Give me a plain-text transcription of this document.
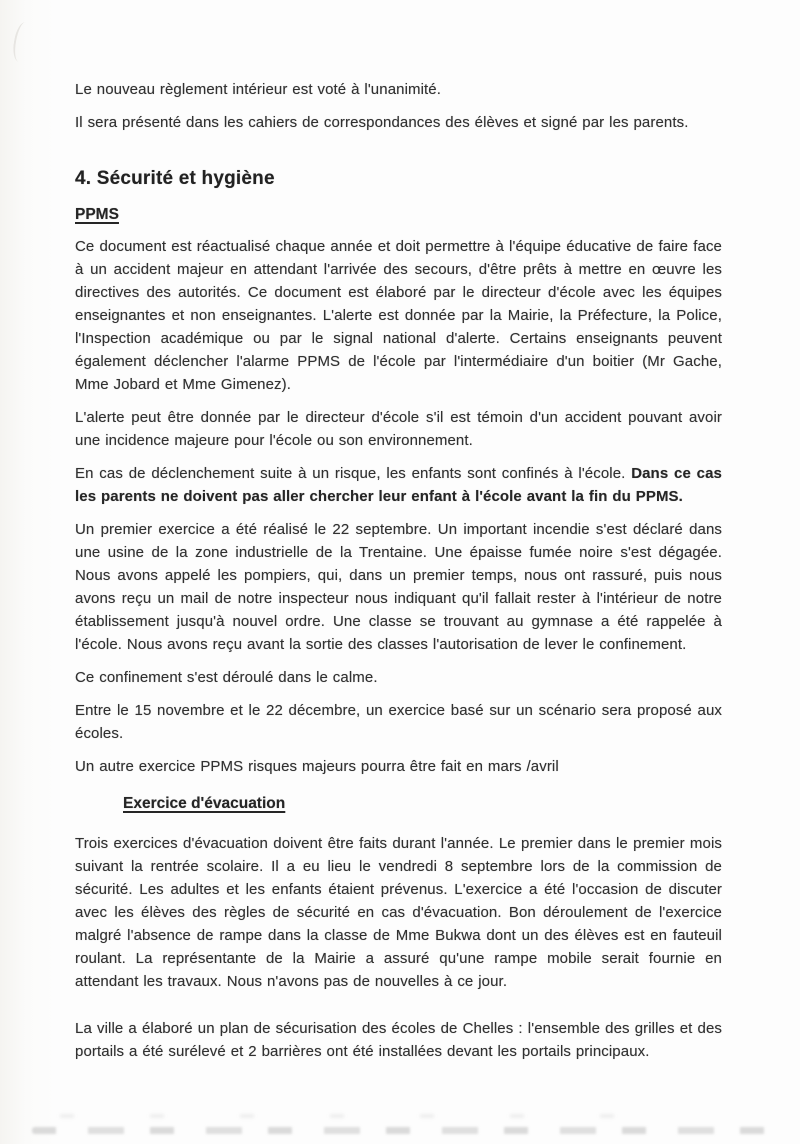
Le nouveau règlement intérieur est voté à l'unanimité.

Il sera présenté dans les cahiers de correspondances des élèves et signé par les parents.

4. Sécurité et hygiène
PPMS

Ce document est réactualisé chaque année et doit permettre à l'équipe éducative de faire face à un accident majeur en attendant l'arrivée des secours, d'être prêts à mettre en œuvre les directives des autorités. Ce document est élaboré par le directeur d'école avec les équipes enseignantes et non enseignantes. L'alerte est donnée par la Mairie, la Préfecture, la Police, l'Inspection académique ou par le signal national d'alerte. Certains enseignants peuvent également déclencher l'alarme PPMS de l'école par l'intermédiaire d'un boitier (Mr Gache, Mme Jobard et Mme Gimenez).

L'alerte peut être donnée par le directeur d'école s'il est témoin d'un accident pouvant avoir une incidence majeure pour l'école ou son environnement.

En cas de déclenchement suite à un risque, les enfants sont confinés à l'école. Dans ce cas les parents ne doivent pas aller chercher leur enfant à l'école avant la fin du PPMS.

Un premier exercice a été réalisé le 22 septembre. Un important incendie s'est déclaré dans une usine de la zone industrielle de la Trentaine. Une épaisse fumée noire s'est dégagée. Nous avons appelé les pompiers, qui, dans un premier temps, nous ont rassuré, puis nous avons reçu un mail de notre inspecteur nous indiquant qu'il fallait rester à l'intérieur de notre établissement jusqu'à nouvel ordre. Une classe se trouvant au gymnase a été rappelée à l'école. Nous avons reçu avant la sortie des classes l'autorisation de lever le confinement.

Ce confinement s'est déroulé dans le calme.

Entre le 15 novembre et le 22 décembre, un exercice basé sur un scénario sera proposé aux écoles.

Un autre exercice PPMS risques majeurs pourra être fait en mars /avril

Exercice d'évacuation

Trois exercices d'évacuation doivent être faits durant l'année. Le premier dans le premier mois suivant la rentrée scolaire. Il a eu lieu le vendredi 8 septembre lors de la commission de sécurité. Les adultes et les enfants étaient prévenus. L'exercice a été l'occasion de discuter avec les élèves des règles de sécurité en cas d'évacuation. Bon déroulement de l'exercice malgré l'absence de rampe dans la classe de Mme Bukwa dont un des élèves est en fauteuil roulant. La représentante de la Mairie a assuré qu'une rampe mobile serait fournie en attendant les travaux. Nous n'avons pas de nouvelles à ce jour.

La ville a élaboré un plan de sécurisation des écoles de Chelles : l'ensemble des grilles et des portails a été surélevé et 2 barrières ont été installées devant les portails principaux.
